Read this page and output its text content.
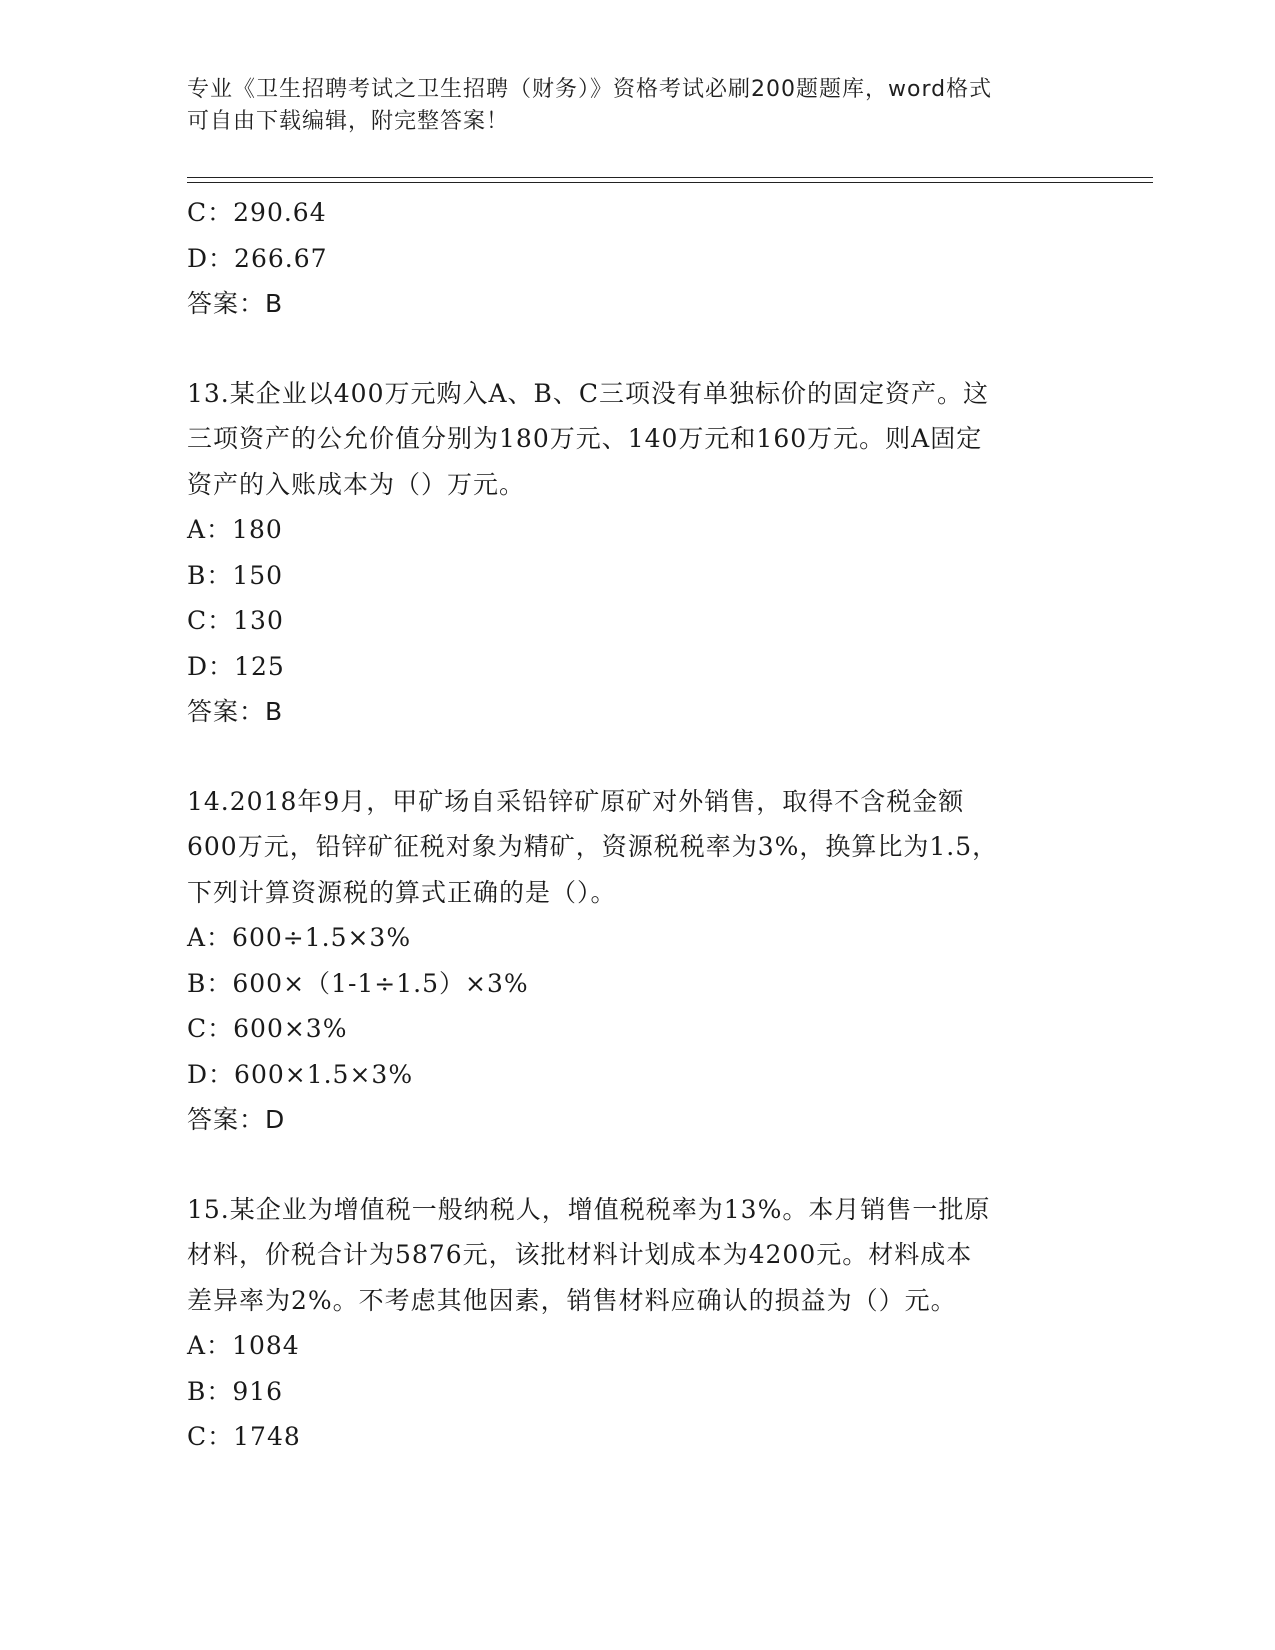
专业《卫生招聘考试之卫生招聘（财务）》资格考试必刷200题题库，word格式
可自由下载编辑，附完整答案！
C：290.64
D：266.67
答案：B
13.某企业以400万元购入A、B、C三项没有单独标价的固定资产。这
三项资产的公允价值分别为180万元、140万元和160万元。则A固定
资产的入账成本为（）万元。
A：180
B：150
C：130
D：125
答案：B
14.2018年9月，甲矿场自采铅锌矿原矿对外销售，取得不含税金额
600万元，铅锌矿征税对象为精矿，资源税税率为3%，换算比为1.5，
下列计算资源税的算式正确的是（）。
A：600÷1.5×3%
B：600×（1-1÷1.5）×3%
C：600×3%
D：600×1.5×3%
答案：D
15.某企业为增值税一般纳税人，增值税税率为13%。本月销售一批原
材料，价税合计为5876元，该批材料计划成本为4200元。材料成本
差异率为2%。不考虑其他因素，销售材料应确认的损益为（）元。
A：1084
B：916
C：1748
